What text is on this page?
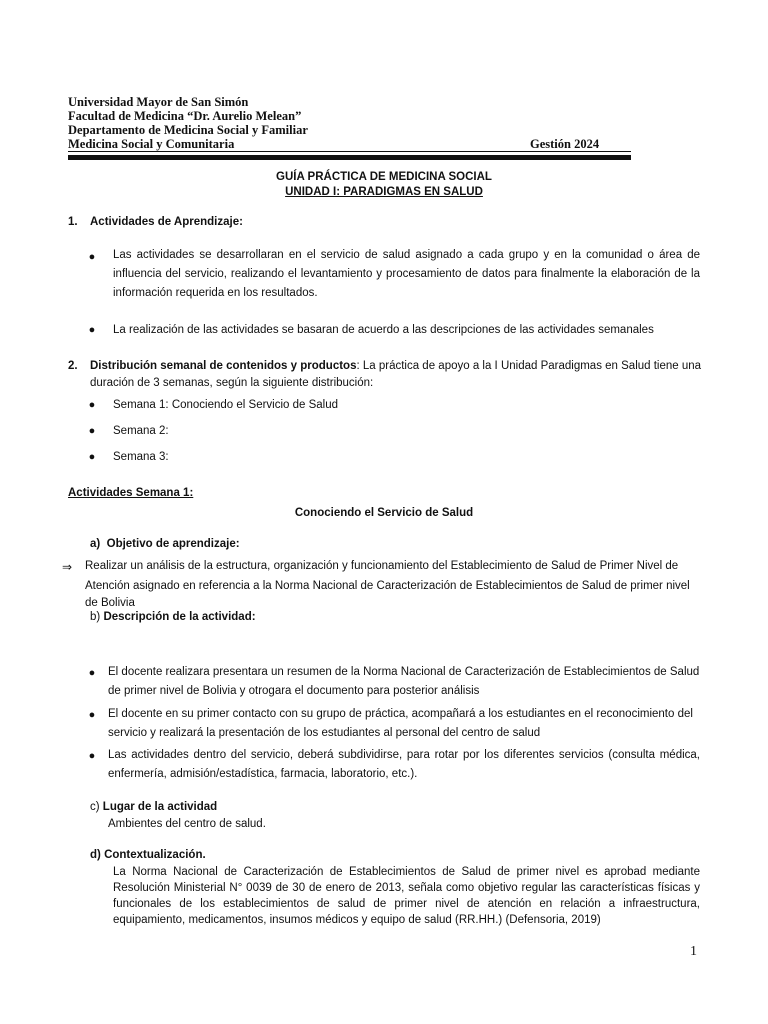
Universidad Mayor de San Simón
Facultad de Medicina “Dr. Aurelio Melean”
Departamento de Medicina Social y Familiar
Medicina Social y Comunitaria	Gestión 2024
GUÍA PRÁCTICA DE MEDICINA SOCIAL
UNIDAD I: PARADIGMAS EN SALUD
1. Actividades de Aprendizaje:
● Las actividades se desarrollaran en el servicio de salud asignado a cada grupo y en la comunidad o área de influencia del servicio, realizando el levantamiento y procesamiento de datos para finalmente la elaboración de la información requerida en los resultados.
● La realización de las actividades se basaran de acuerdo a las descripciones de las actividades semanales
2. Distribución semanal de contenidos y productos: La práctica de apoyo a la I Unidad Paradigmas en Salud tiene una
duración de 3 semanas, según la siguiente distribución:
● Semana 1: Conociendo el Servicio de Salud
● Semana 2:
● Semana 3:
Actividades Semana 1:
Conociendo el Servicio de Salud
a) Objetivo de aprendizaje:
⇒ Realizar un análisis de la estructura, organización y funcionamiento del Establecimiento de Salud de Primer Nivel de
Atención asignado en referencia a la Norma Nacional de Caracterización de Establecimientos de Salud de primer nivel
de Bolivia
b) Descripción de la actividad:
● El docente realizara presentara un resumen de la Norma Nacional de Caracterización de Establecimientos de Salud de primer nivel de Bolivia y otrogara el documento para posterior análisis
● El docente en su primer contacto con su grupo de práctica, acompañará a los estudiantes en el reconocimiento del servicio y realizará la presentación de los estudiantes al personal del centro de salud
● Las actividades dentro del servicio, deberá subdividirse, para rotar por los diferentes servicios (consulta médica, enfermería, admisión/estadística, farmacia, laboratorio, etc.).
c) Lugar de la actividad
Ambientes del centro de salud.
d) Contextualización.
La Norma Nacional de Caracterización de Establecimientos de Salud de primer nivel es aprobad mediante Resolución Ministerial N° 0039 de 30 de enero de 2013, señala como objetivo regular las características físicas y funcionales de los establecimientos de salud de primer nivel de atención en relación a infraestructura, equipamiento, medicamentos, insumos médicos y equipo de salud (RR.HH.) (Defensoria, 2019)
1
